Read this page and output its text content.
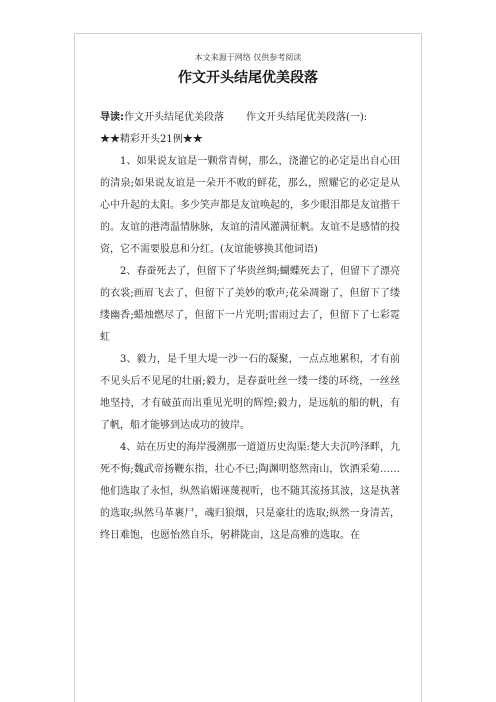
本文来源于网络 仅供参考阅读
作文开头结尾优美段落
导读:作文开头结尾优美段落 作文开头结尾优美段落(一):
★★精彩开头21例★★

1、如果说友谊是一颗常青树，那么，浇灌它的必定是出自心田的清泉;如果说友谊是一朵开不败的鲜花，那么，照耀它的必定是从心中升起的太阳。多少笑声都是友谊唤起的，多少眼泪都是友谊揩干的。友谊的港湾温情脉脉，友谊的清风灌满征帆。友谊不是感情的投资，它不需要股息和分红。(友谊能够换其他词语)

2、春蚕死去了，但留下了华贵丝绸;蝴蝶死去了，但留下了漂亮的衣裳;画眉飞去了，但留下了美妙的歌声;花朵凋谢了，但留下了缕缕幽香;蜡烛燃尽了，但留下一片光明;雷雨过去了，但留下了七彩霓虹

3、毅力，是千里大堤一沙一石的凝聚，一点点地累积，才有前不见头后不见尾的壮丽;毅力，是春蚕吐丝一缕一缕的环绕，一丝丝地坚持，才有破茧而出重见光明的辉煌;毅力，是远航的船的帆，有了帆，船才能够到达成功的彼岸。

4、站在历史的海岸漫溯那一道道历史沟渠:楚大夫沉吟泽畔，九死不悔;魏武帝扬鞭东指，壮心不已;陶渊明悠然南山，饮酒采菊……他们选取了永恒，纵然谄媚诬蔑视听，也不随其流扬其波，这是执著的选取;纵然马革裹尸，魂归狼烟，只是豪壮的选取;纵然一身清苦，终日难饱，也愿怡然自乐，躬耕陇亩，这是高雅的选取。在
